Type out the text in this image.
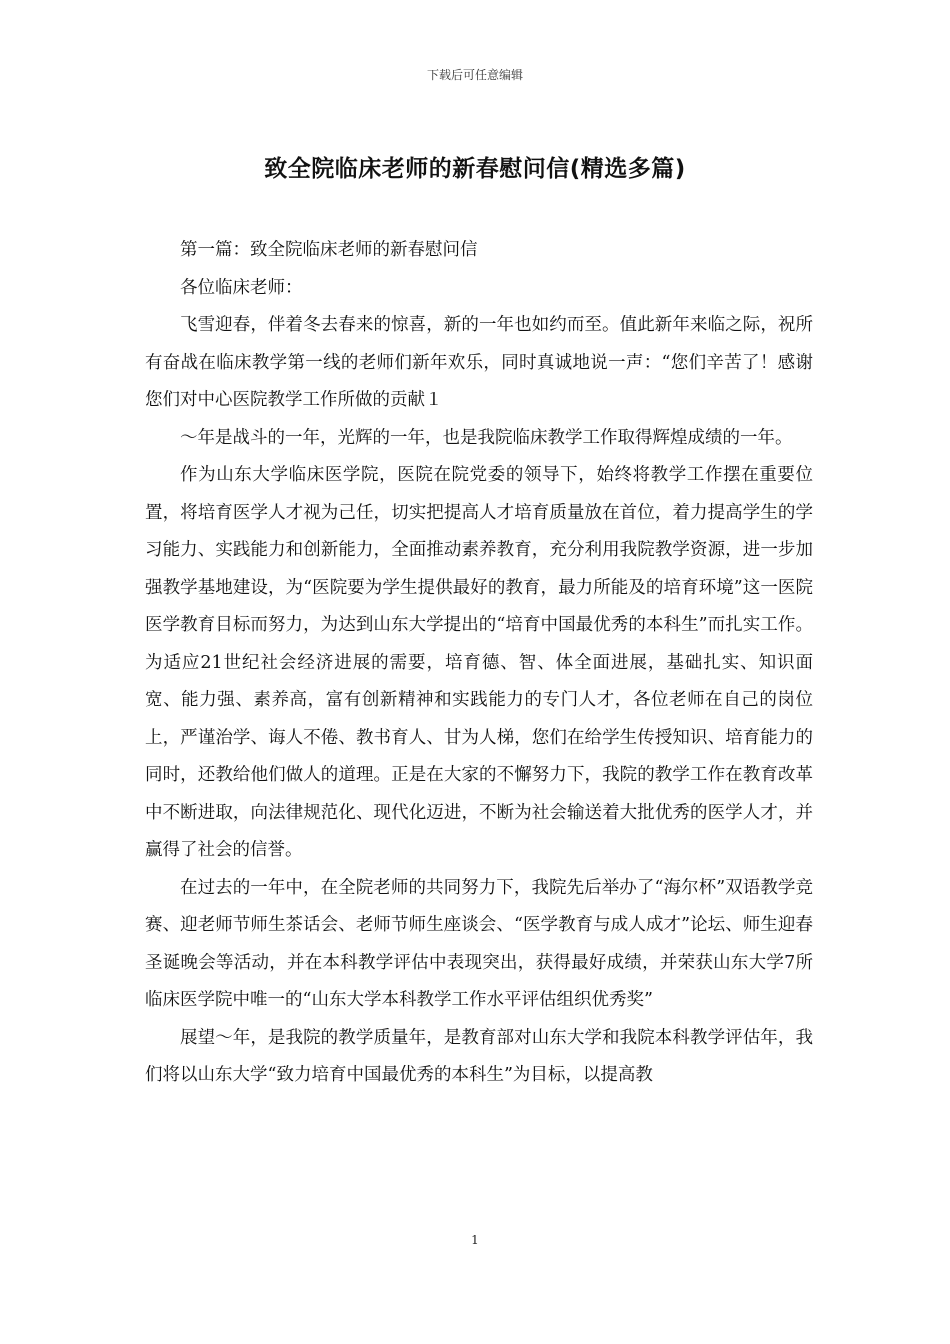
下载后可任意编辑
致全院临床老师的新春慰问信(精选多篇)

第一篇：致全院临床老师的新春慰问信

各位临床老师：

飞雪迎春，伴着冬去春来的惊喜，新的一年也如约而至。值此新年来临之际，祝所有奋战在临床教学第一线的老师们新年欢乐，同时真诚地说一声：“您们辛苦了！感谢您们对中心医院教学工作所做的贡献１

～年是战斗的一年，光辉的一年，也是我院临床教学工作取得辉煌成绩的一年。

作为山东大学临床医学院，医院在院党委的领导下，始终将教学工作摆在重要位置，将培育医学人才视为己任，切实把提高人才培育质量放在首位，着力提高学生的学习能力、实践能力和创新能力，全面推动素养教育，充分利用我院教学资源，进一步加强教学基地建设，为“医院要为学生提供最好的教育，最力所能及的培育环境”这一医院医学教育目标而努力，为达到山东大学提出的“培育中国最优秀的本科生”而扎实工作。为适应21世纪社会经济进展的需要，培育德、智、体全面进展，基础扎实、知识面宽、能力强、素养高，富有创新精神和实践能力的专门人才，各位老师在自己的岗位上，严谨治学、诲人不倦、教书育人、甘为人梯，您们在给学生传授知识、培育能力的同时，还教给他们做人的道理。正是在大家的不懈努力下，我院的教学工作在教育改革中不断进取，向法律规范化、现代化迈进，不断为社会输送着大批优秀的医学人才，并赢得了社会的信誉。

在过去的一年中，在全院老师的共同努力下，我院先后举办了“海尔杯”双语教学竞赛、迎老师节师生茶话会、老师节师生座谈会、“医学教育与成人成才”论坛、师生迎春圣诞晚会等活动，并在本科教学评估中表现突出，获得最好成绩，并荣获山东大学7所临床医学院中唯一的“山东大学本科教学工作水平评估组织优秀奖”

展望～年，是我院的教学质量年，是教育部对山东大学和我院本科教学评估年，我们将以山东大学“致力培育中国最优秀的本科生”为目标，以提高教

1
